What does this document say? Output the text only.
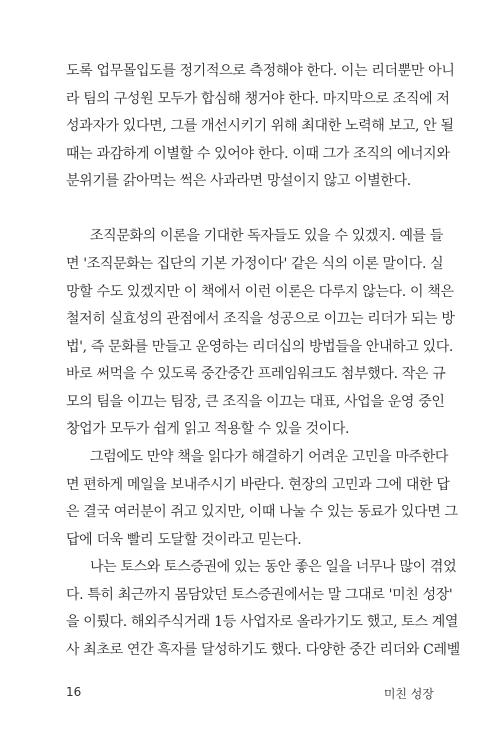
도록 업무몰입도를 정기적으로 측정해야 한다. 이는 리더뿐만 아니
라 팀의 구성원 모두가 합심해 챙거야 한다. 마지막으로 조직에 저
성과자가 있다면, 그를 개선시키기 위해 최대한 노력해 보고, 안 될
때는 과감하게 이별할 수 있어야 한다. 이때 그가 조직의 에너지와
분위기를 갉아먹는 썩은 사과라면 망설이지 않고 이별한다.
조직문화의 이론을 기대한 독자들도 있을 수 있겠지. 예를 들
면 '조직문화는 집단의 기본 가정이다' 같은 식의 이론 말이다. 실
망할 수도 있겠지만 이 책에서 이런 이론은 다루지 않는다. 이 책은
철저히 실효성의 관점에서 조직을 성공으로 이끄는 리더가 되는 방
법', 즉 문화를 만들고 운영하는 리더십의 방법들을 안내하고 있다.
바로 써먹을 수 있도록 중간중간 프레임워크도 첨부했다. 작은 규
모의 팀을 이끄는 팀장, 큰 조직을 이끄는 대표, 사업을 운영 중인
창업가 모두가 쉽게 읽고 적용할 수 있을 것이다.
그럼에도 만약 책을 읽다가 해결하기 어려운 고민을 마주한다
면 편하게 메일을 보내주시기 바란다. 현장의 고민과 그에 대한 답
은 결국 여러분이 쥐고 있지만, 이때 나눌 수 있는 동료가 있다면 그
답에 더욱 빨리 도달할 것이라고 믿는다.
나는 토스와 토스증권에 있는 동안 좋은 일을 너무나 많이 겪었
다. 특히 최근까지 몸담았던 토스증권에서는 말 그대로 '미친 성장'
을 이뤘다. 해외주식거래 1등 사업자로 올라가기도 했고, 토스 계열
사 최초로 연간 흑자를 달성하기도 했다. 다양한 중간 리더와 C레벨
16	미친 성장
